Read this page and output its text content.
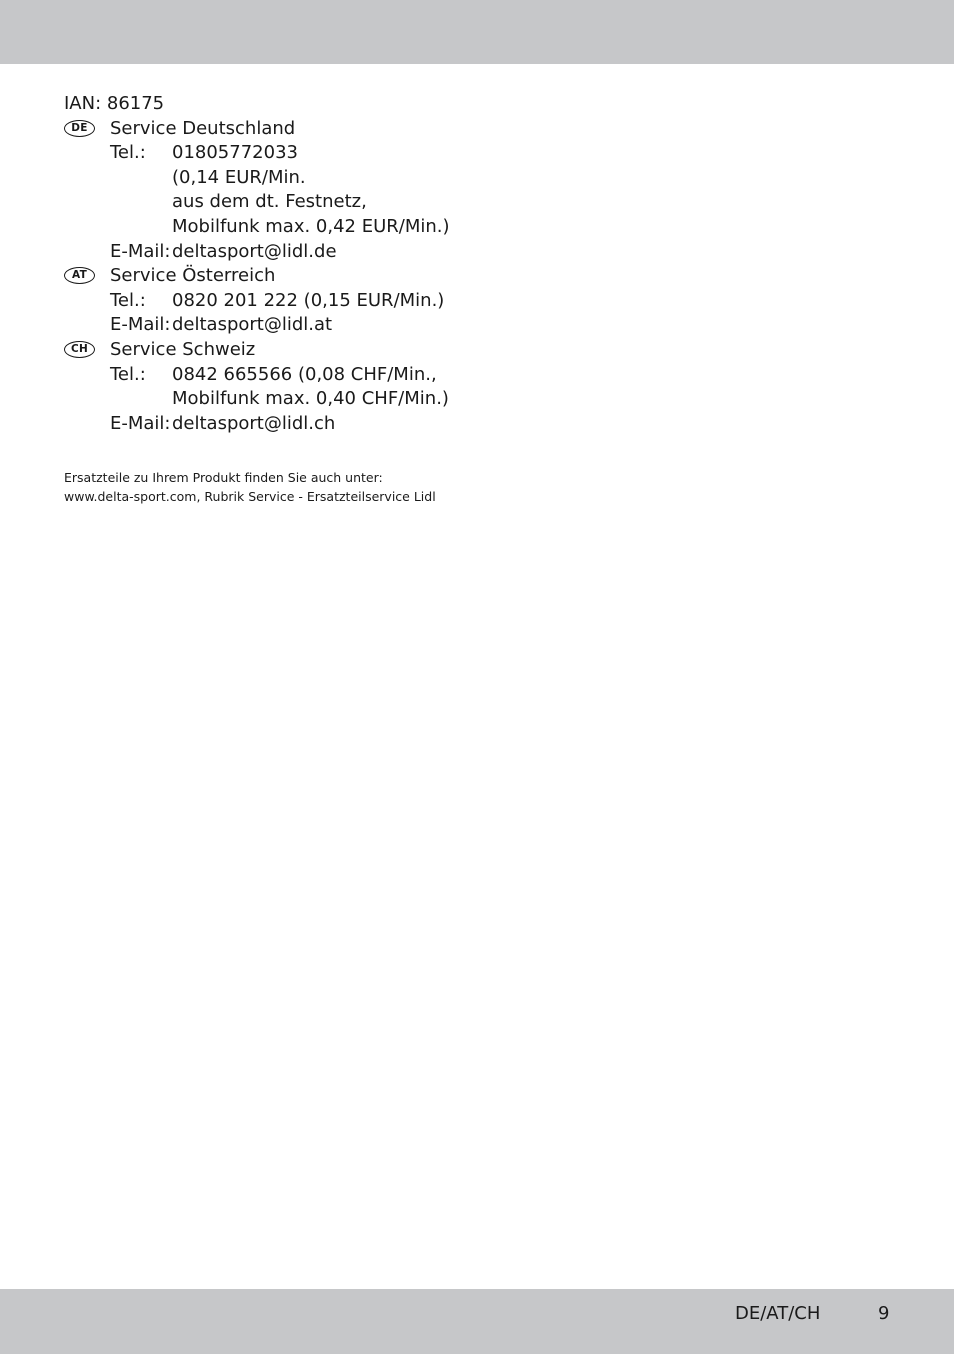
IAN: 86175
DE	Service Deutschland
Tel.: 01805772033
(0,14 EUR/Min.
aus dem dt. Festnetz,
Mobilfunk max. 0,42 EUR/Min.)
E-Mail: deltasport@lidl.de
AT	Service Österreich
Tel.: 0820 201 222 (0,15 EUR/Min.)
E-Mail: deltasport@lidl.at
CH	Service Schweiz
Tel.: 0842 665566 (0,08 CHF/Min.,
Mobilfunk max. 0,40 CHF/Min.)
E-Mail: deltasport@lidl.ch
Ersatzteile zu Ihrem Produkt finden Sie auch unter:
www.delta-sport.com, Rubrik Service - Ersatzteilservice Lidl
DE/AT/CH	9
